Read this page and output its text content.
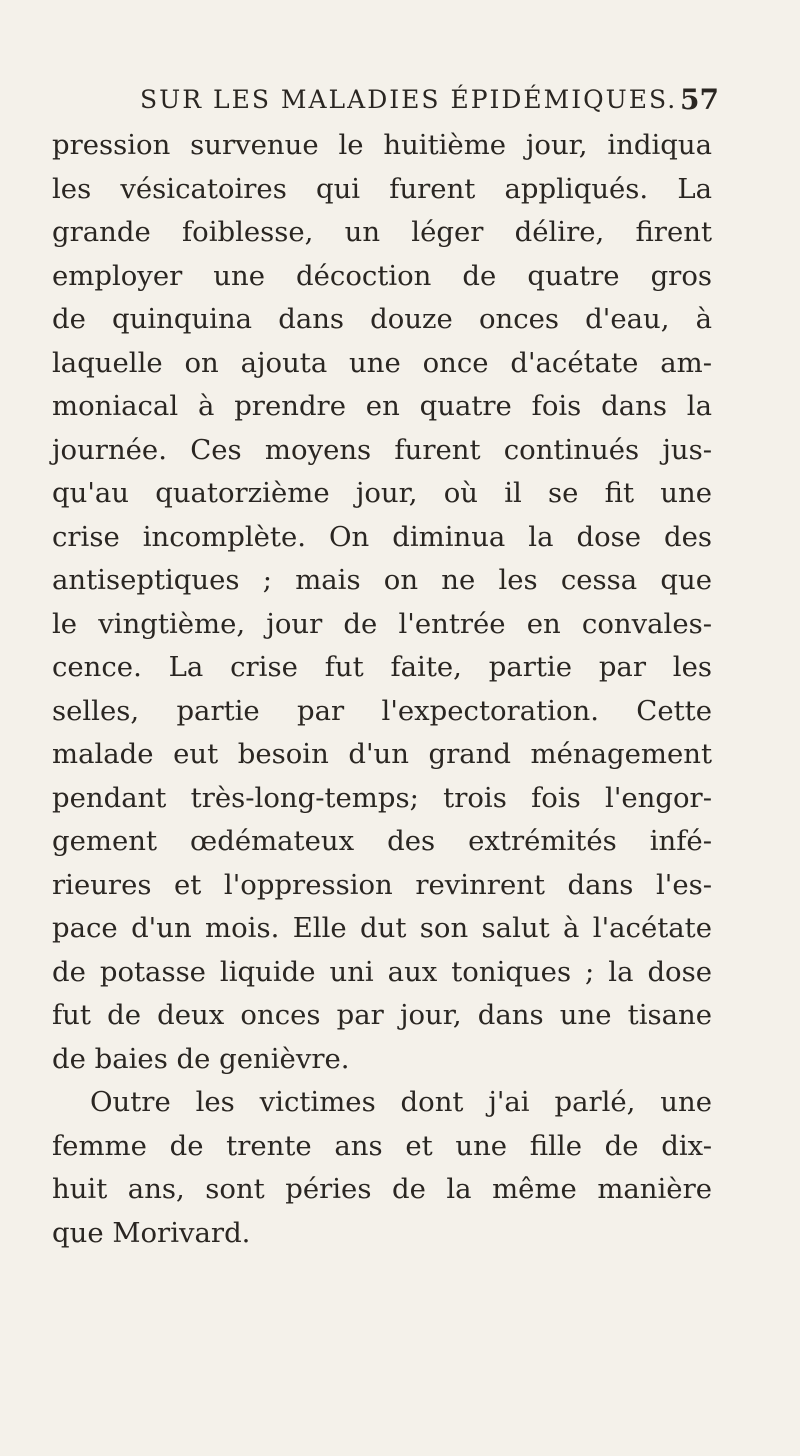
SUR LES MALADIES ÉPIDÉMIQUES. 57
pression survenue le huitième jour, indiqua
les vésicatoires qui furent appliqués. La
grande foiblesse, un léger délire, firent
employer une décoction de quatre gros
de quinquina dans douze onces d'eau, à
laquelle on ajouta une once d'acétate am-
moniacal à prendre en quatre fois dans la
journée. Ces moyens furent continués jus-
qu'au quatorzième jour, où il se fit une
crise incomplète. On diminua la dose des
antiseptiques ; mais on ne les cessa que
le vingtième, jour de l'entrée en convales-
cence. La crise fut faite, partie par les
selles, partie par l'expectoration. Cette
malade eut besoin d'un grand ménagement
pendant très-long-temps; trois fois l'engor-
gement œdémateux des extrémités infé-
rieures et l'oppression revinrent dans l'es-
pace d'un mois. Elle dut son salut à l'acétate
de potasse liquide uni aux toniques ; la dose
fut de deux onces par jour, dans une tisane
de baies de genièvre.
Outre les victimes dont j'ai parlé, une
femme de trente ans et une fille de dix-
huit ans, sont péries de la même manière
que Morivard.
